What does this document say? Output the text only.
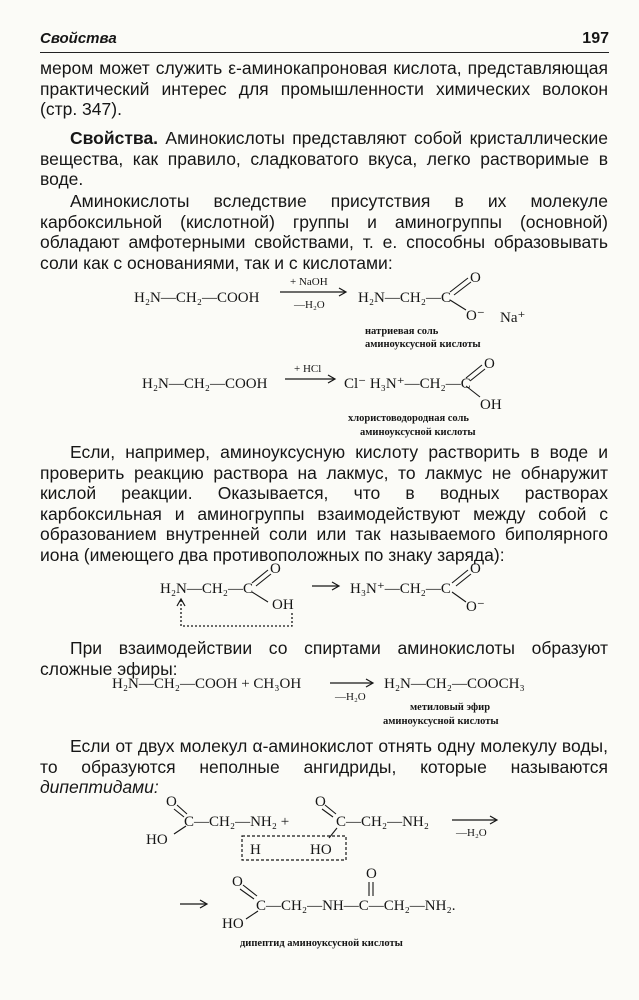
Свойства	197

мером может служить ε-аминокапроновая кислота, представляющая практический интерес для промышленности химических волокон (стр. 347).

Свойства. Аминокислоты представляют собой кристаллические вещества, как правило, сладковатого вкуса, легко растворимые в воде.

Аминокислоты вследствие присутствия в их молекуле карбоксильной (кислотной) группы и аминогруппы (основной) обладают амфотерными свойствами, т. е. способны образовывать соли как с основаниями, так и с кислотами:

H₂N—CH₂—COOH
+ NaOH
—H₂O H₂N—CH₂—C
O
O⁻ Na⁺
натриевая соль
аминоуксусной кислоты
H₂N—CH₂—COOH
+ HCl
Cl⁻ H₃N⁺—CH₂—C
O
OH
хлористоводородная соль
аминоуксусной кислоты

Если, например, аминоуксусную кислоту растворить в воде и проверить реакцию раствора на лакмус, то лакмус не обнаружит кислой реакции. Оказывается, что в водных растворах карбоксильная и аминогруппы взаимодействуют между собой с образованием внутренней соли или так называемого биполярного иона (имеющего два противоположных по знаку заряда):

H₂N—CH₂—C
O
OH
H₃N⁺—CH₂—C
O
O⁻

При взаимодействии со спиртами аминокислоты образуют сложные эфиры:

H₂N—CH₂—COOH + CH₃OH
—H₂O
H₂N—CH₂—COOCH₃
метиловый эфир
аминоуксусной кислоты

Если от двух молекул α-аминокислот отнять одну молекулу воды, то образуются неполные ангидриды, которые называются дипептидами:

O
C—CH₂—NH₂ +
HO
O
C—CH₂—NH₂
H	HO
—H₂O
O
C—CH₂—NH—C—CH₂—NH₂.
HO
O
дипептид аминоуксусной кислоты
